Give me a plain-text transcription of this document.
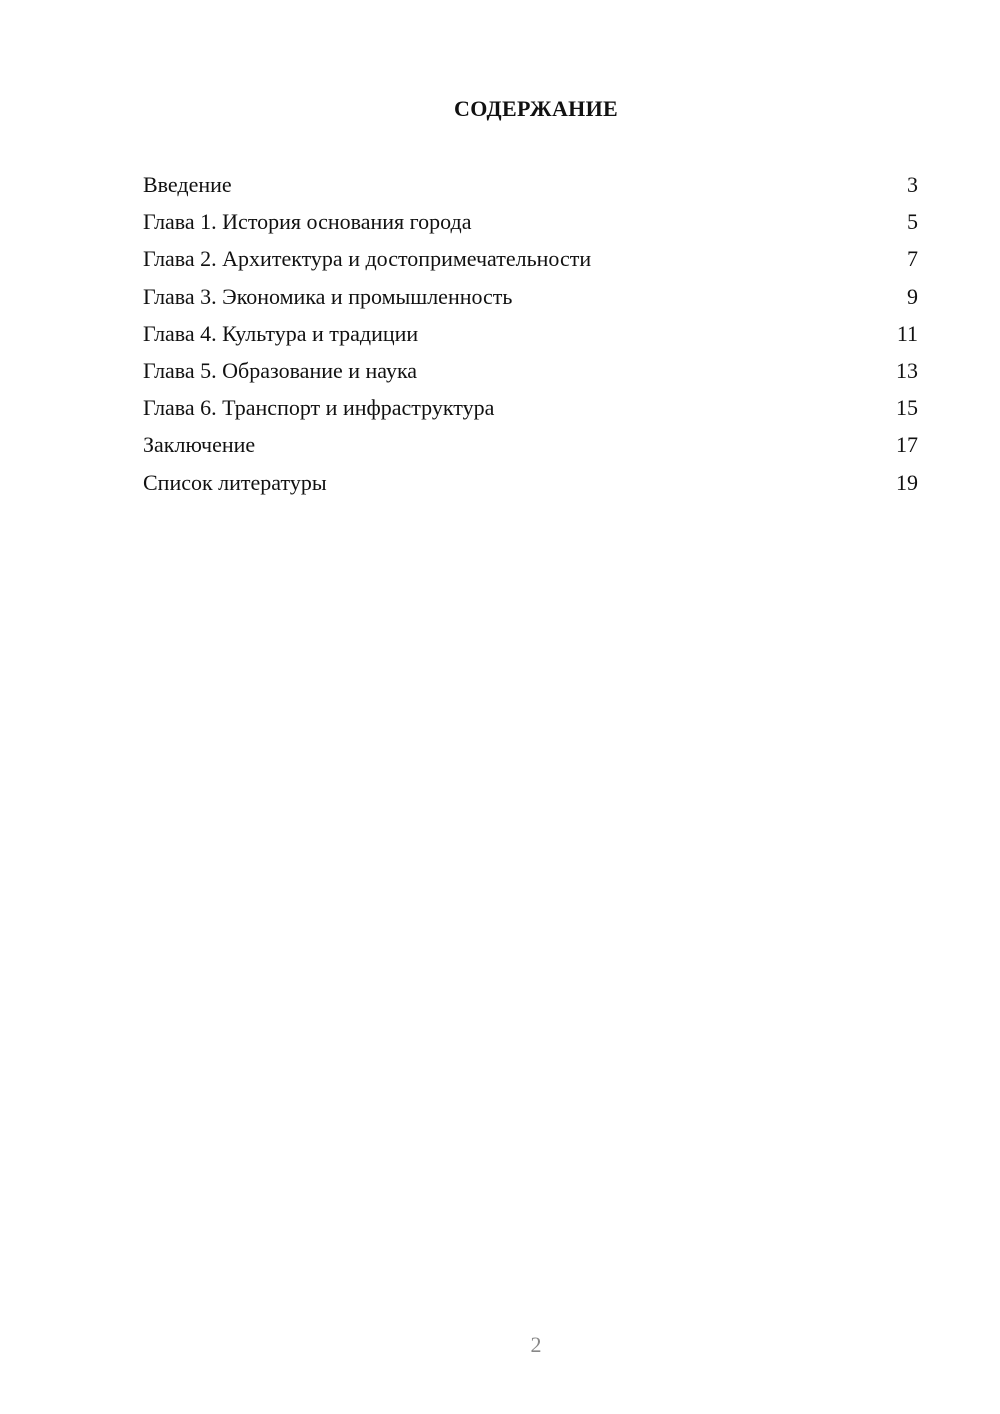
СОДЕРЖАНИЕ
Введение	3
Глава 1. История основания города	5
Глава 2. Архитектура и достопримечательности	7
Глава 3. Экономика и промышленность	9
Глава 4. Культура и традиции	11
Глава 5. Образование и наука	13
Глава 6. Транспорт и инфраструктура	15
Заключение	17
Список литературы	19
2
